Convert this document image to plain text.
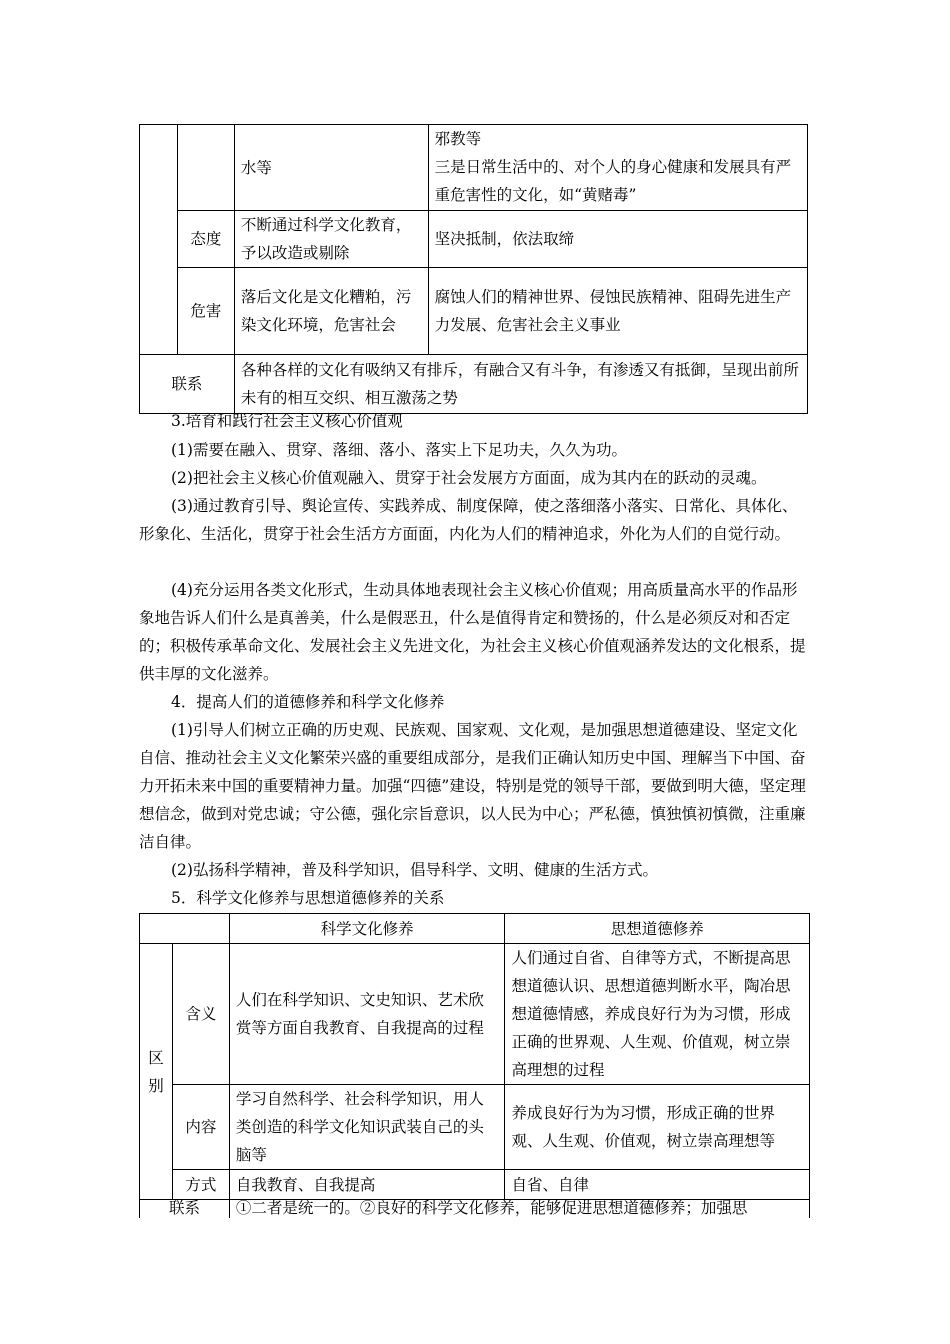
		水等	邪教等
三是日常生活中的、对个人的身心健康和发展具有严重危害性的文化，如“黄赌毒”

	态度	不断通过科学文化教育，予以改造或剔除	坚决抵制，依法取缔
	危害	落后文化是文化糟粕，污染文化环境，危害社会	腐蚀人们的精神世界、侵蚀民族精神、阻碍先进生产力发展、危害社会主义事业
联系		各种各样的文化有吸纳又有排斥，有融合又有斗争，有渗透又有抵御，呈现出前所未有的相互交织、相互激荡之势	

3.培育和践行社会主义核心价值观

(1)需要在融入、贯穿、落细、落小、落实上下足功夫，久久为功。

(2)把社会主义核心价值观融入、贯穿于社会发展方方面面，成为其内在的跃动的灵魂。

(3)通过教育引导、舆论宣传、实践养成、制度保障，使之落细落小落实、日常化、具体化、形象化、生活化，贯穿于社会生活方方面面，内化为人们的精神追求，外化为人们的自觉行动。

(4)充分运用各类文化形式，生动具体地表现社会主义核心价值观；用高质量高水平的作品形象地告诉人们什么是真善美，什么是假恶丑，什么是值得肯定和赞扬的，什么是必须反对和否定的；积极传承革命文化、发展社会主义先进文化，为社会主义核心价值观涵养发达的文化根系，提供丰厚的文化滋养。

4．提高人们的道德修养和科学文化修养

(1)引导人们树立正确的历史观、民族观、国家观、文化观，是加强思想道德建设、坚定文化自信、推动社会主义文化繁荣兴盛的重要组成部分，是我们正确认知历史中国、理解当下中国、奋力开拓未来中国的重要精神力量。加强“四德”建设，特别是党的领导干部，要做到明大德，坚定理想信念，做到对党忠诚；守公德，强化宗旨意识，以人民为中心；严私德，慎独慎初慎微，注重廉洁自律。

(2)弘扬科学精神，普及科学知识，倡导科学、文明、健康的生活方式。

5．科学文化修养与思想道德修养的关系

		科学文化修养	思想道德修养

区
别	含义	人们在科学知识、文史知识、艺术欣赏等方面自我教育、自我提高的过程	人们通过自省、自律等方式，不断提高思想道德认识、思想道德判断水平，陶冶思想道德情感，养成良好行为为习惯，形成正确的世界观、人生观、价值观，树立崇高理想的过程
	内容	学习自然科学、社会科学知识，用人类创造的科学文化知识武装自己的头脑等	养成良好行为为习惯，形成正确的世界观、人生观、价值观，树立崇高理想等
	方式	自我教育、自我提高	自省、自律

联系		①二者是统一的。②良好的科学文化修养，能够促进思想道德修养；加强思	
